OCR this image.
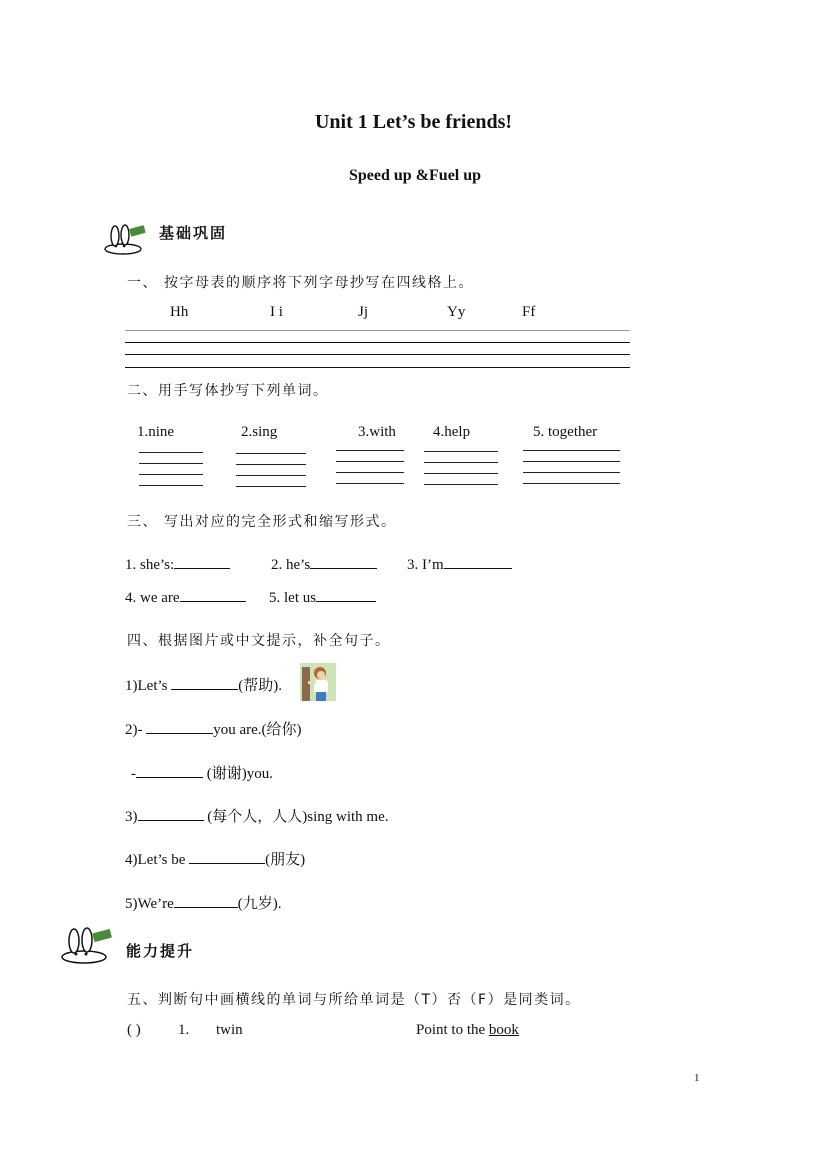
Unit 1 Let’s be friends!
Speed up &Fuel up
基础巩固
一、 按字母表的顺序将下列字母抄写在四线格上。
Hh	I i	Jj	Yy	Ff
二、用手写体抄写下列单词。
1.nine	2.sing	3.with 4.help	5. together
三、 写出对应的完全形式和缩写形式。
1. she’s:	2. he’s	3. I’m
4. we are	5. let us
四、根据图片或中文提示，补全句子。
1)Let’s	(帮助).
2)-	you are.(给你)
-	(谢谢)you.
3)	(每个人，人人)sing with me.
4)Let’s be	(朋友)
5)We’re	(九岁).
能力提升
五、判断句中画横线的单词与所给单词是（T）否（F）是同类词。
( ) 1. twin	Point to the book
1
